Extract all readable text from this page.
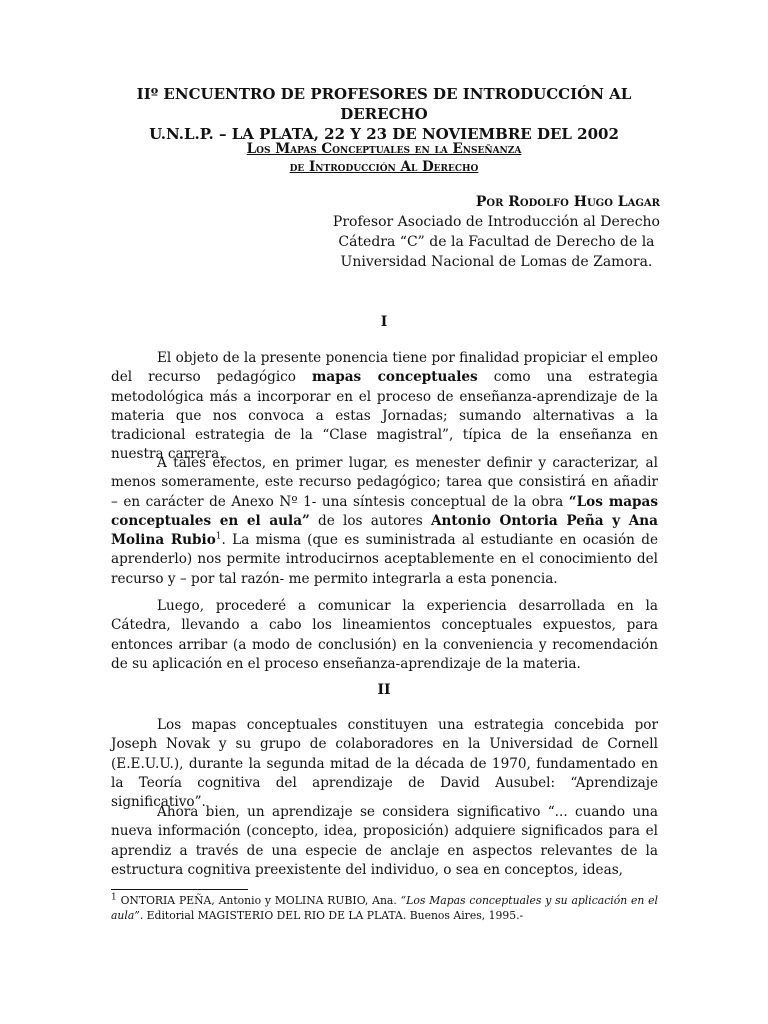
IIº ENCUENTRO DE PROFESORES DE INTRODUCCIÓN AL DERECHO
U.N.L.P. – LA PLATA, 22 Y 23 DE NOVIEMBRE DEL 2002
Los Mapas Conceptuales en la Enseñanza
de Introducción Al Derecho
Por Rodolfo Hugo Lagar
Profesor Asociado de Introducción al Derecho
Cátedra “C” de la Facultad de Derecho de la
Universidad Nacional de Lomas de Zamora.
I
El objeto de la presente ponencia tiene por finalidad propiciar el empleo del recurso pedagógico mapas conceptuales como una estrategia metodológica más a incorporar en el proceso de enseñanza-aprendizaje de la materia que nos convoca a estas Jornadas; sumando alternativas a la tradicional estrategia de la “Clase magistral”, típica de la enseñanza en nuestra carrera.
A tales efectos, en primer lugar, es menester definir y caracterizar, al menos someramente, este recurso pedagógico; tarea que consistirá en añadir – en carácter de Anexo Nº 1- una síntesis conceptual de la obra “Los mapas conceptuales en el aula” de los autores Antonio Ontoria Peña y Ana Molina Rubio$^1$. La misma (que es suministrada al estudiante en ocasión de aprenderlo) nos permite introducirnos aceptablemente en el conocimiento del recurso y – por tal razón- me permito integrarla a esta ponencia.
Luego, procederé a comunicar la experiencia desarrollada en la Cátedra, llevando a cabo los lineamientos conceptuales expuestos, para entonces arribar (a modo de conclusión) en la conveniencia y recomendación de su aplicación en el proceso enseñanza-aprendizaje de la materia.
II
Los mapas conceptuales constituyen una estrategia concebida por Joseph Novak y su grupo de colaboradores en la Universidad de Cornell (E.E.U.U.), durante la segunda mitad de la década de 1970, fundamentado en la Teoría cognitiva del aprendizaje de David Ausubel: “Aprendizaje significativo”.
Ahora bien, un aprendizaje se considera significativo “... cuando una nueva información (concepto, idea, proposición) adquiere significados para el aprendiz a través de una especie de anclaje en aspectos relevantes de la estructura cognitiva preexistente del individuo, o sea en conceptos, ideas,
$^1$ ONTORIA PEÑA, Antonio y MOLINA RUBIO, Ana. “Los Mapas conceptuales y su aplicación en el aula”. Editorial MAGISTERIO DEL RIO DE LA PLATA. Buenos Aires, 1995.-
